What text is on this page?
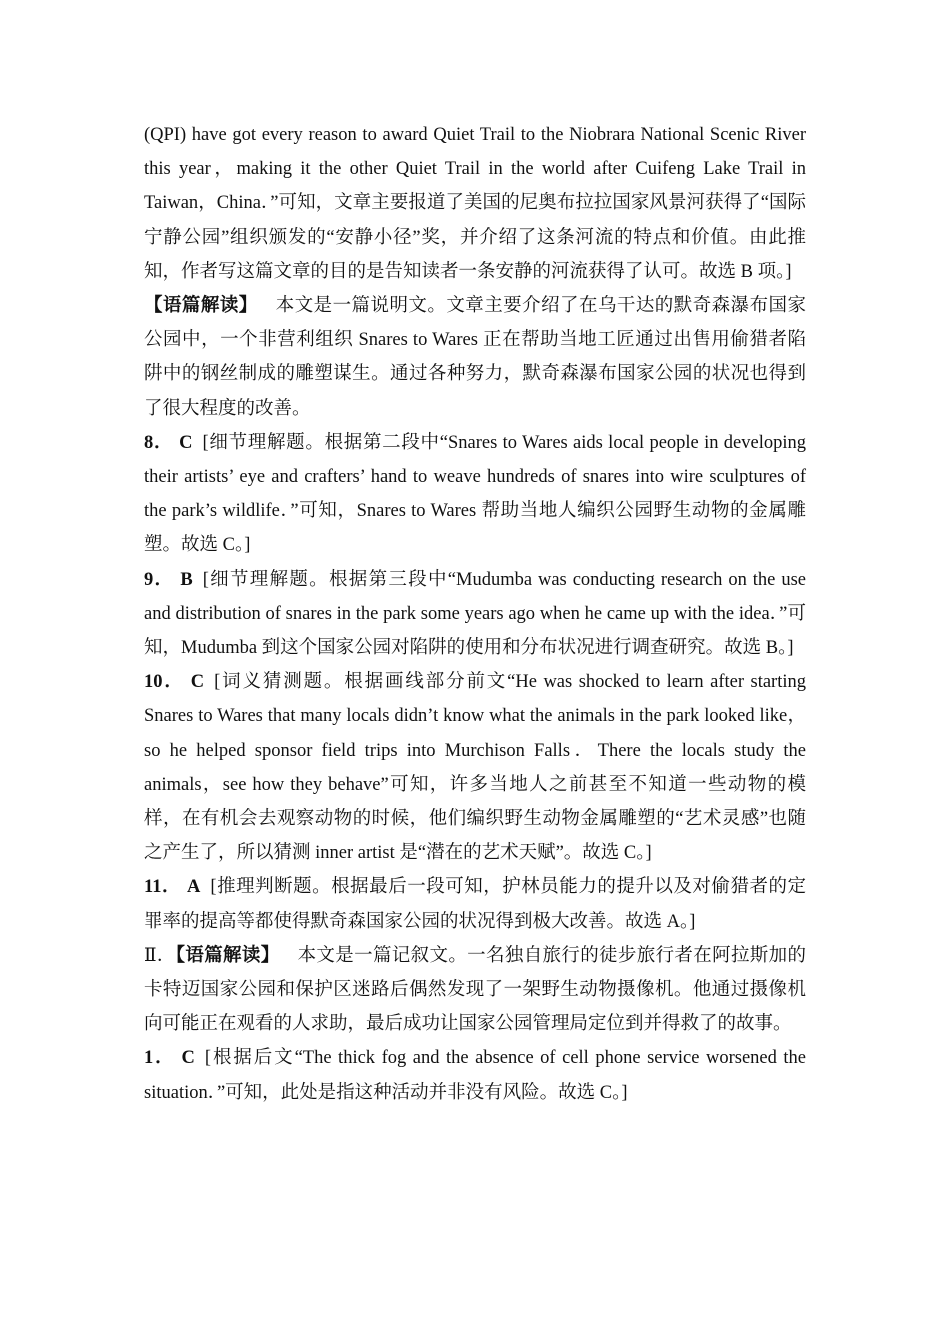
(QPI) have got every reason to award Quiet Trail to the Niobrara National Scenic River this year，making it the other Quiet Trail in the world after Cuifeng Lake Trail in Taiwan，China．”可知，文章主要报道了美国的尼奥布拉拉国家风景河获得了“国际宁静公园”组织颁发的“安静小径”奖，并介绍了这条河流的特点和价值。由此推知，作者写这篇文章的目的是告知读者一条安静的河流获得了认可。故选 B 项。]

【语篇解读】 本文是一篇说明文。文章主要介绍了在乌干达的默奇森瀑布国家公园中，一个非营利组织 Snares to Wares 正在帮助当地工匠通过出售用偷猎者陷阱中的钢丝制成的雕塑谋生。通过各种努力，默奇森瀑布国家公园的状况也得到了很大程度的改善。

8． C [细节理解题。根据第二段中“Snares to Wares aids local people in developing their artists’ eye and crafters’ hand to weave hundreds of snares into wire sculptures of the park’s wildlife．”可知，Snares to Wares 帮助当地人编织公园野生动物的金属雕塑。故选 C。]

9． B [细节理解题。根据第三段中“Mudumba was conducting research on the use and distribution of snares in the park some years ago when he came up with the idea．”可知，Mudumba 到这个国家公园对陷阱的使用和分布状况进行调查研究。故选 B。]

10． C [词义猜测题。根据画线部分前文“He was shocked to learn after starting Snares to Wares that many locals didn’t know what the animals in the park looked like，so he helped sponsor field trips into Murchison Falls．There the locals study the animals，see how they behave”可知，许多当地人之前甚至不知道一些动物的模样，在有机会去观察动物的时候，他们编织野生动物金属雕塑的“艺术灵感”也随之产生了，所以猜测 inner artist 是“潜在的艺术天赋”。故选 C。]

11． A [推理判断题。根据最后一段可知，护林员能力的提升以及对偷猎者的定罪率的提高等都使得默奇森国家公园的状况得到极大改善。故选 A。]

Ⅱ．【语篇解读】 本文是一篇记叙文。一名独自旅行的徒步旅行者在阿拉斯加的卡特迈国家公园和保护区迷路后偶然发现了一架野生动物摄像机。他通过摄像机向可能正在观看的人求助，最后成功让国家公园管理局定位到并得救了的故事。

1． C [根据后文“The thick fog and the absence of cell phone service worsened the situation．”可知，此处是指这种活动并非没有风险。故选 C。]
